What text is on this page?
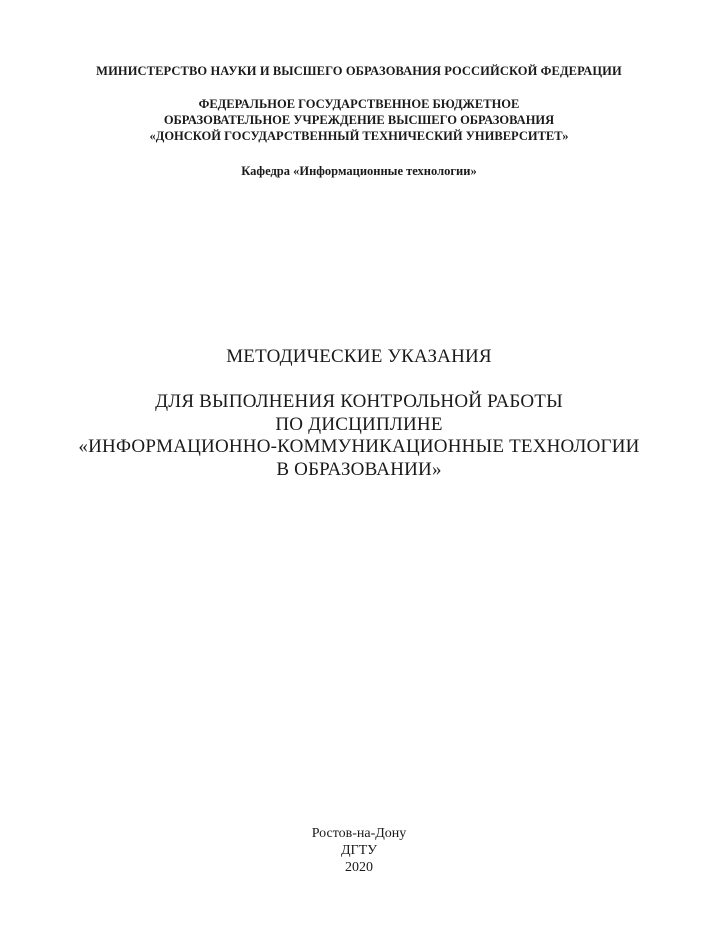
МИНИСТЕРСТВО НАУКИ И ВЫСШЕГО ОБРАЗОВАНИЯ РОССИЙСКОЙ ФЕДЕРАЦИИ
ФЕДЕРАЛЬНОЕ ГОСУДАРСТВЕННОЕ БЮДЖЕТНОЕ
ОБРАЗОВАТЕЛЬНОЕ УЧРЕЖДЕНИЕ ВЫСШЕГО ОБРАЗОВАНИЯ
«ДОНСКОЙ ГОСУДАРСТВЕННЫЙ ТЕХНИЧЕСКИЙ УНИВЕРСИТЕТ»
Кафедра «Информационные технологии»
МЕТОДИЧЕСКИЕ УКАЗАНИЯ
ДЛЯ ВЫПОЛНЕНИЯ КОНТРОЛЬНОЙ РАБОТЫ
ПО ДИСЦИПЛИНЕ
«ИНФОРМАЦИОННО-КОММУНИКАЦИОННЫЕ ТЕХНОЛОГИИ
В ОБРАЗОВАНИИ»
Ростов-на-Дону
ДГТУ
2020
